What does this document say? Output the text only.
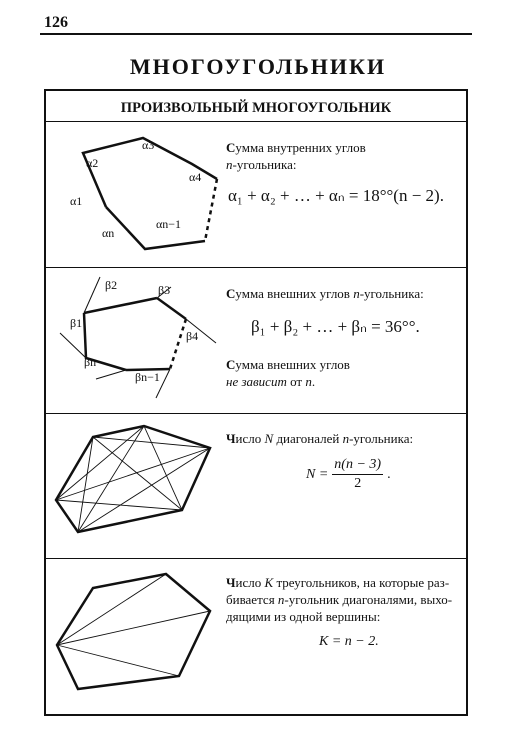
126
МНОГОУГОЛЬНИКИ
ПРОИЗВОЛЬНЫЙ МНОГОУГОЛЬНИК
α3
α2
α4
α1
αn−1
αn
Сумма внутренних углов
n-угольника:
α₁ + α₂ + … + αₙ = 18°°(n − 2).
β2	β3
β1
β4
βn
βn−1
Сумма внешних углов n-угольника:
β₁ + β₂ + … + βₙ = 36°°.
Сумма внешних углов
не зависит от n.
Число N диагоналей n-угольника:
$N = \frac{n(n - 3)}{2}$ .
Число K треугольников, на которые раз-
бивается n-угольник диагоналями, выхо-
дящими из одной вершины:
K = n − 2.
